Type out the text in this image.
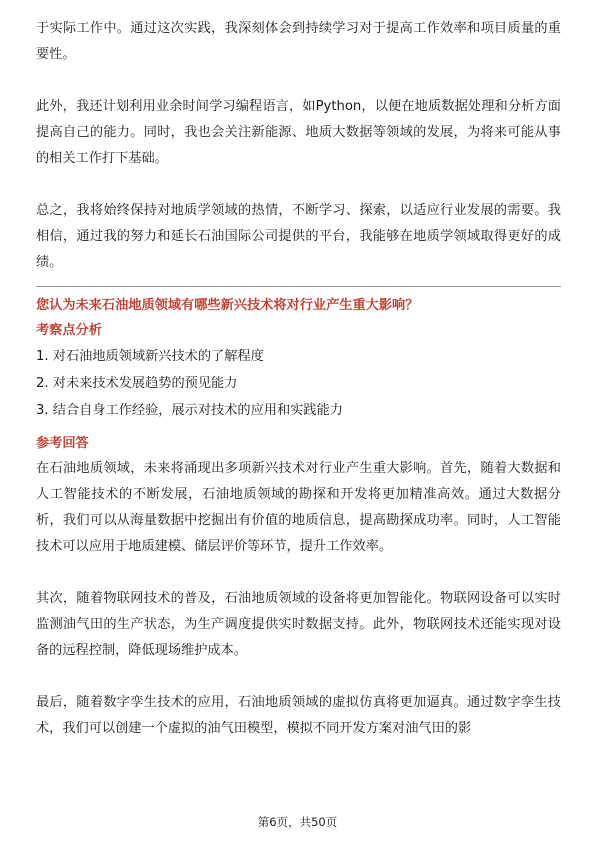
于实际工作中。通过这次实践，我深刻体会到持续学习对于提高工作效率和项目质量的重要性。

此外，我还计划利用业余时间学习编程语言，如Python，以便在地质数据处理和分析方面提高自己的能力。同时，我也会关注新能源、地质大数据等领域的发展，为将来可能从事的相关工作打下基础。

总之，我将始终保持对地质学领域的热情，不断学习、探索，以适应行业发展的需要。我相信，通过我的努力和延长石油国际公司提供的平台，我能够在地质学领域取得更好的成绩。

您认为未来石油地质领域有哪些新兴技术将对行业产生重大影响？

考察点分析

1. 对石油地质领域新兴技术的了解程度
2. 对未来技术发展趋势的预见能力
3. 结合自身工作经验，展示对技术的应用和实践能力

参考回答

在石油地质领域，未来将涌现出多项新兴技术对行业产生重大影响。首先，随着大数据和人工智能技术的不断发展，石油地质领域的勘探和开发将更加精准高效。通过大数据分析，我们可以从海量数据中挖掘出有价值的地质信息，提高勘探成功率。同时，人工智能技术可以应用于地质建模、储层评价等环节，提升工作效率。

其次，随着物联网技术的普及，石油地质领域的设备将更加智能化。物联网设备可以实时监测油气田的生产状态，为生产调度提供实时数据支持。此外，物联网技术还能实现对设备的远程控制，降低现场维护成本。

最后，随着数字孪生技术的应用，石油地质领域的虚拟仿真将更加逼真。通过数字孪生技术，我们可以创建一个虚拟的油气田模型，模拟不同开发方案对油气田的影

第6页，共50页
